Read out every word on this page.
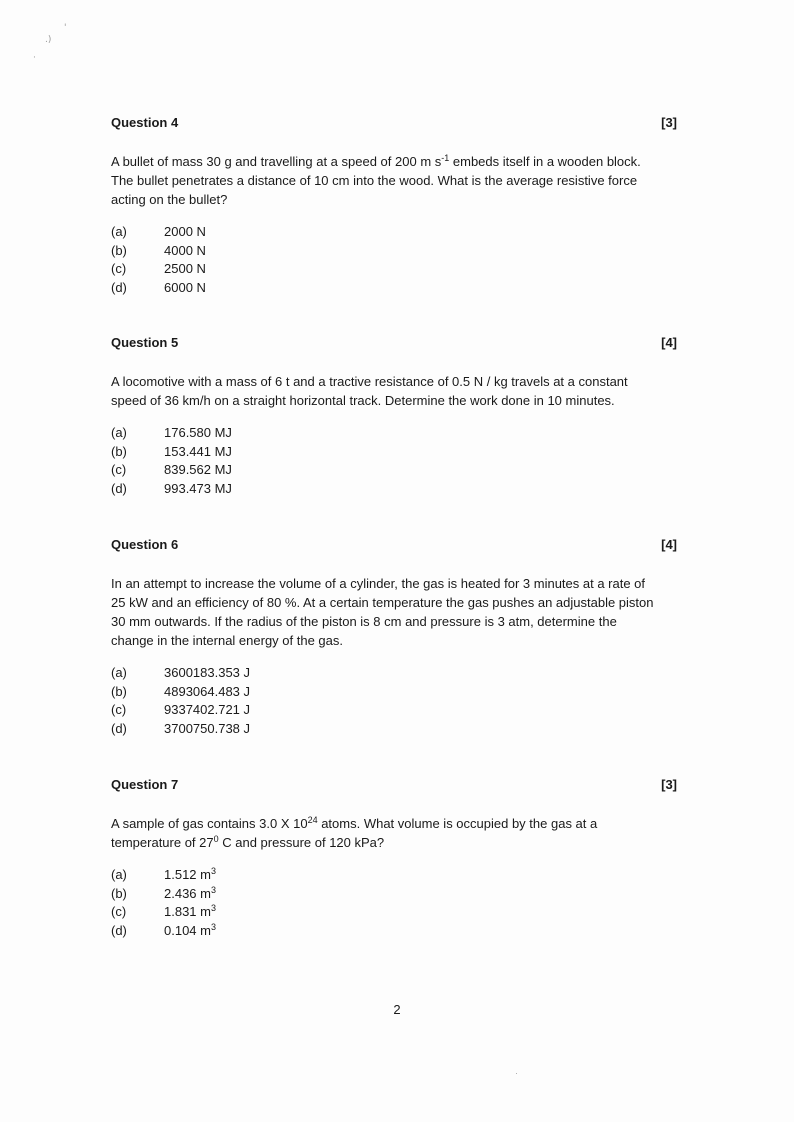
'
.)
·
Question 4	[3]
A bullet of mass 30 g and travelling at a speed of 200 m $s^{-1}$ embeds itself in a wooden block. The bullet penetrates a distance of 10 cm into the wood. What is the average resistive force acting on the bullet?
(a)	2000 N
(b)	4000 N
(c)	2500 N
(d)	6000 N
Question 5	[4]
A locomotive with a mass of 6 t and a tractive resistance of 0.5 N / kg travels at a constant speed of 36 km/h on a straight horizontal track. Determine the work done in 10 minutes.
(a)	176.580 MJ
(b)	153.441 MJ
(c)	839.562 MJ
(d)	993.473 MJ
Question 6	[4]
In an attempt to increase the volume of a cylinder, the gas is heated for 3 minutes at a rate of 25 kW and an efficiency of 80 %. At a certain temperature the gas pushes an adjustable piston 30 mm outwards. If the radius of the piston is 8 cm and pressure is 3 atm, determine the change in the internal energy of the gas.
(a)	3600183.353 J
(b)	4893064.483 J
(c)	9337402.721 J
(d)	3700750.738 J
Question 7	[3]
A sample of gas contains 3.0 X $10^{24}$ atoms. What volume is occupied by the gas at a temperature of $27^0$ C and pressure of 120 kPa?
(a)	1.512 $m^3$
(b)	2.436 $m^3$
(c)	1.831 $m^3$
(d)	0.104 $m^3$
2
